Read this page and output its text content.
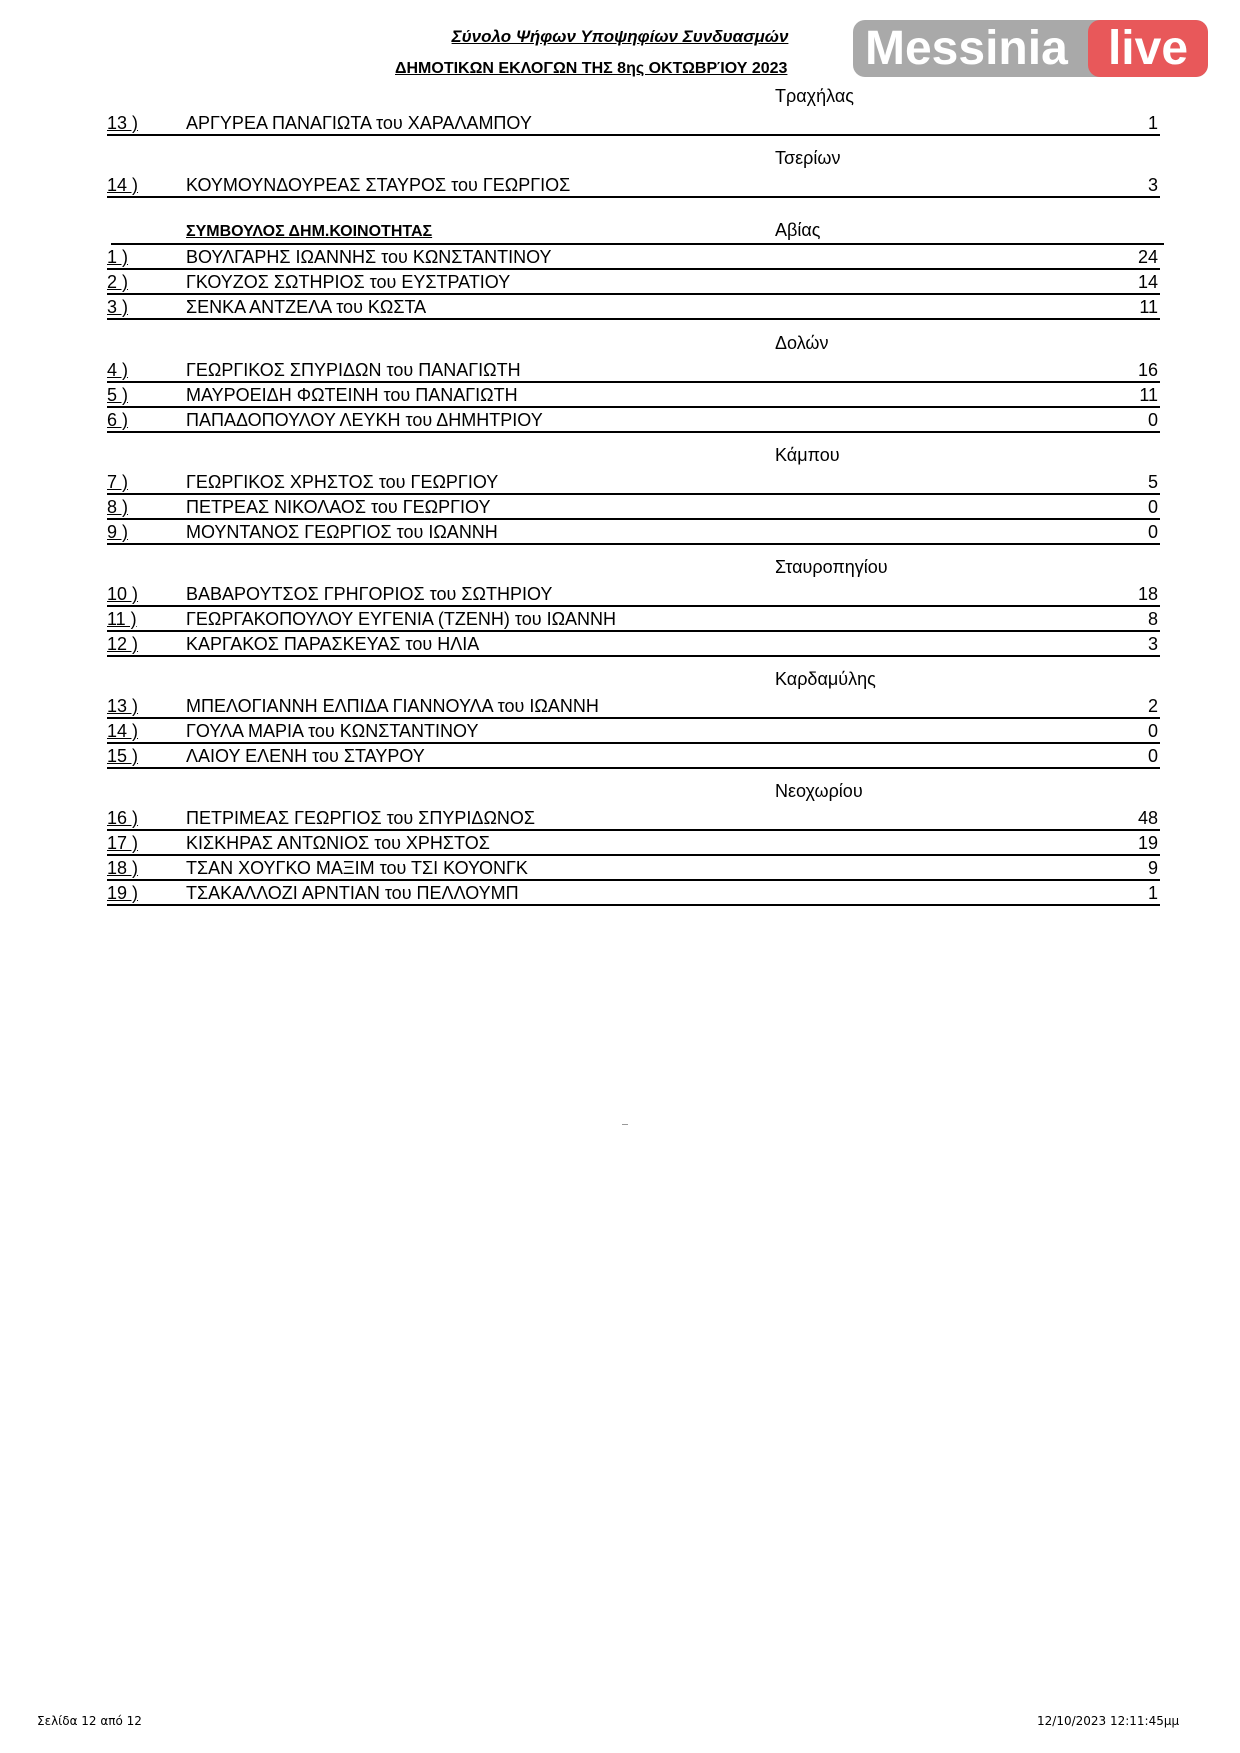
Σύνολο Ψήφων Υποψηφίων Συνδυασμών
ΔΗΜΟΤΙΚΩΝ ΕΚΛΟΓΩΝ ΤΗΣ 8ης ΟΚΤΩΒΡΊΟΥ 2023 Messinia live
Τραχήλας
13 )	ΑΡΓΥΡΕΑ ΠΑΝΑΓΙΩΤΑ του ΧΑΡΑΛΑΜΠΟΥ	1
Τσερίων
14 )	ΚΟΥΜΟΥΝΔΟΥΡΕΑΣ ΣΤΑΥΡΟΣ του ΓΕΩΡΓΙΟΣ	3
Αβίας
ΣΥΜΒΟΥΛΟΣ ΔΗΜ.ΚΟΙΝΟΤΗΤΑΣ
1 )	ΒΟΥΛΓΑΡΗΣ ΙΩΑΝΝΗΣ του ΚΩΝΣΤΑΝΤΙΝΟΥ	24
2 )	ΓΚΟΥΖΟΣ ΣΩΤΗΡΙΟΣ του ΕΥΣΤΡΑΤΙΟΥ	14
3 )	ΣΕΝΚΑ ΑΝΤΖΕΛΑ του ΚΩΣΤΑ	11
Δολών
4 )	ΓΕΩΡΓΙΚΟΣ ΣΠΥΡΙΔΩΝ του ΠΑΝΑΓΙΩΤΗ	16
5 )	ΜΑΥΡΟΕΙΔΗ ΦΩΤΕΙΝΗ του ΠΑΝΑΓΙΩΤΗ	11
6 )	ΠΑΠΑΔΟΠΟΥΛΟΥ ΛΕΥΚΗ του ΔΗΜΗΤΡΙΟΥ	0
Κάμπου
7 )	ΓΕΩΡΓΙΚΟΣ ΧΡΗΣΤΟΣ του ΓΕΩΡΓΙΟΥ	5
8 )	ΠΕΤΡΕΑΣ ΝΙΚΟΛΑΟΣ του ΓΕΩΡΓΙΟΥ	0
9 )	ΜΟΥΝΤΑΝΟΣ ΓΕΩΡΓΙΟΣ του ΙΩΑΝΝΗ	0
Σταυροπηγίου
10 )	ΒΑΒΑΡΟΥΤΣΟΣ ΓΡΗΓΟΡΙΟΣ του ΣΩΤΗΡΙΟΥ	18
11 )	ΓΕΩΡΓΑΚΟΠΟΥΛΟΥ ΕΥΓΕΝΙΑ (ΤΖΕΝΗ) του ΙΩΑΝΝΗ	8
12 )	ΚΑΡΓΑΚΟΣ ΠΑΡΑΣΚΕΥΑΣ του ΗΛΙΑ	3
Καρδαμύλης
13 )	ΜΠΕΛΟΓΙΑΝΝΗ ΕΛΠΙΔΑ ΓΙΑΝΝΟΥΛΑ του ΙΩΑΝΝΗ	2
14 )	ΓΟΥΛΑ ΜΑΡΙΑ του ΚΩΝΣΤΑΝΤΙΝΟΥ	0
15 )	ΛΑΙΟΥ ΕΛΕΝΗ του ΣΤΑΥΡΟΥ	0
Νεοχωρίου
16 )	ΠΕΤΡΙΜΕΑΣ ΓΕΩΡΓΙΟΣ του ΣΠΥΡΙΔΩΝΟΣ	48
17 )	ΚΙΣΚΗΡΑΣ ΑΝΤΩΝΙΟΣ του ΧΡΗΣΤΟΣ	19
18 )	ΤΣΑΝ ΧΟΥΓΚΟ ΜΑΞΙΜ του ΤΣΙ ΚΟΥΟΝΓΚ	9
19 )	ΤΣΑΚΑΛΛΟΖΙ ΑΡΝΤΙΑΝ του ΠΕΛΛΟΥΜΠ	1
Σελίδα 12 από 12	12/10/2023 12:11:45μμ
